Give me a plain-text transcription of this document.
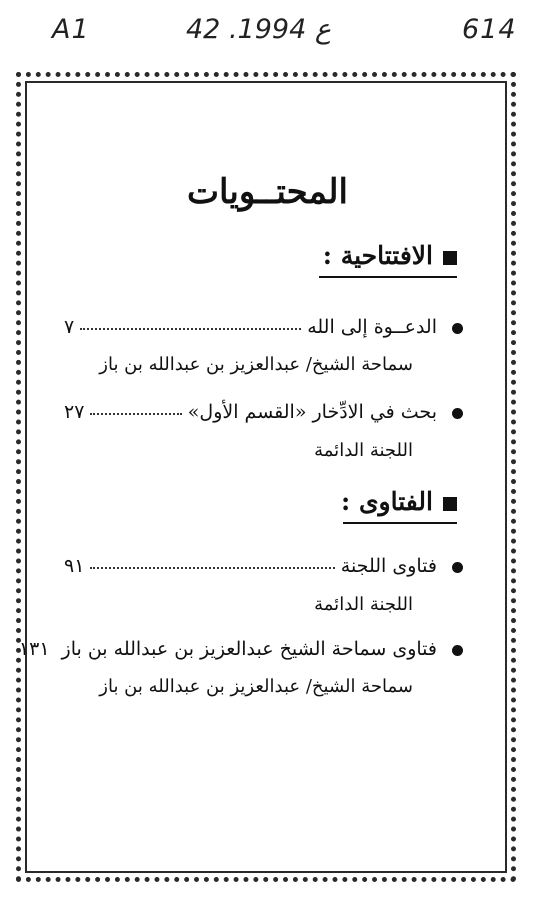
A1	42 .ع 1994	614
المحتــويات
الافتتاحية :
الدعــوة إلى الله
٧
سماحة الشيخ/ عبدالعزيز بن عبدالله بن باز
بحث في الادِّخار «القسم الأول»
٢٧
اللجنة الدائمة
الفتاوى :
فتاوى اللجنة
٩١
اللجنة الدائمة
فتاوى سماحة الشيخ عبدالعزيز بن عبدالله بن باز
١٣١
سماحة الشيخ/ عبدالعزيز بن عبدالله بن باز
